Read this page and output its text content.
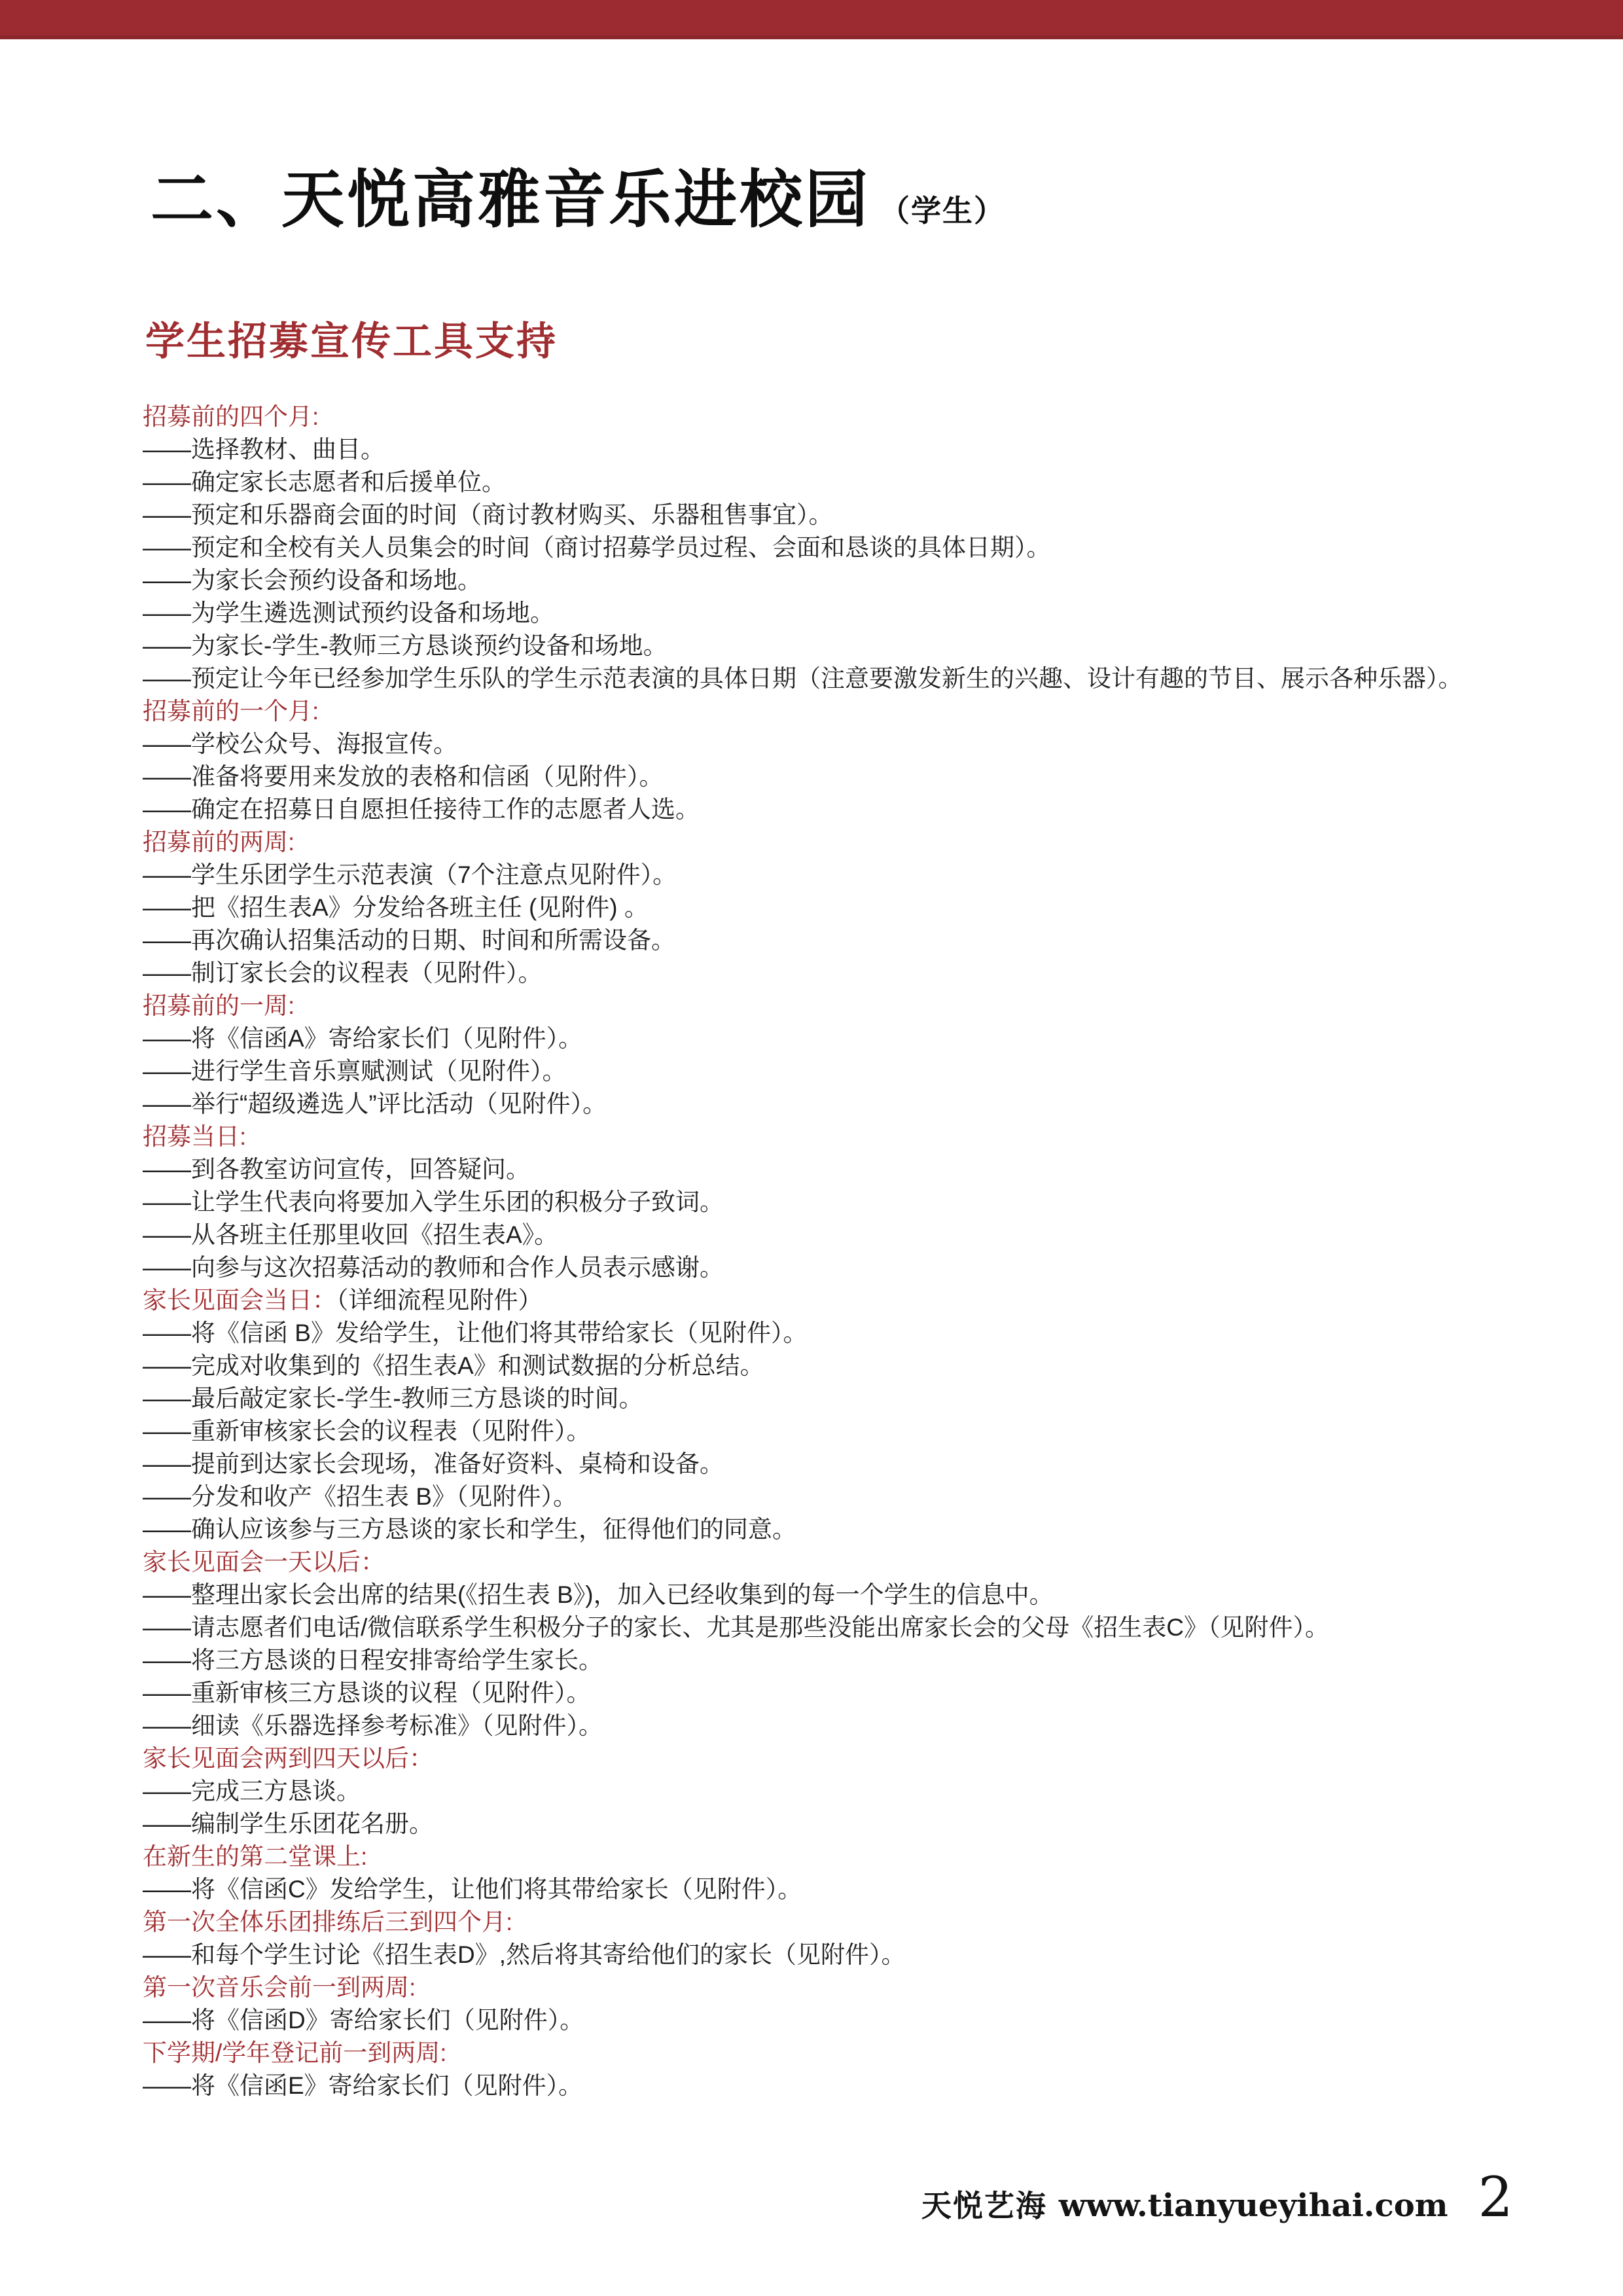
二、天悦高雅音乐进校园 （学生）
学生招募宣传工具支持
招募前的四个月:
——选择教材、曲目。
——确定家长志愿者和后援单位。
——预定和乐器商会面的时间（商讨教材购买、乐器租售事宜）。
——预定和全校有关人员集会的时间（商讨招募学员过程、会面和恳谈的具体日期）。
——为家长会预约设备和场地。
——为学生遴选测试预约设备和场地。
——为家长-学生-教师三方恳谈预约设备和场地。
——预定让今年已经参加学生乐队的学生示范表演的具体日期（注意要激发新生的兴趣、设计有趣的节目、展示各种乐器）。
招募前的一个月:
——学校公众号、海报宣传。
——准备将要用来发放的表格和信函（见附件）。
——确定在招募日自愿担任接待工作的志愿者人选。
招募前的两周:
——学生乐团学生示范表演（7个注意点见附件）。
——把《招生表A》分发给各班主任 (见附件) 。
——再次确认招集活动的日期、时间和所需设备。
——制订家长会的议程表（见附件）。
招募前的一周:
——将《信函A》寄给家长们（见附件）。
——进行学生音乐禀赋测试（见附件）。
——举行“超级遴选人”评比活动（见附件）。
招募当日:
——到各教室访问宣传，回答疑问。
——让学生代表向将要加入学生乐团的积极分子致词。
——从各班主任那里收回《招生表A》。
——向参与这次招募活动的教师和合作人员表示感谢。
家长见面会当日：（详细流程见附件）
——将《信函 B》发给学生，让他们将其带给家长（见附件）。
——完成对收集到的《招生表A》和测试数据的分析总结。
——最后敲定家长-学生-教师三方恳谈的时间。
——重新审核家长会的议程表（见附件）。
——提前到达家长会现场，准备好资料、桌椅和设备。
——分发和收产《招生表 B》（见附件）。
——确认应该参与三方恳谈的家长和学生，征得他们的同意。
家长见面会一天以后：
——整理出家长会出席的结果(《招生表 B》)，加入已经收集到的每一个学生的信息中。
——请志愿者们电话/微信联系学生积极分子的家长、尤其是那些没能出席家长会的父母《招生表C》（见附件）。
——将三方恳谈的日程安排寄给学生家长。
——重新审核三方恳谈的议程（见附件）。
——细读《乐器选择参考标准》（见附件）。
家长见面会两到四天以后：
——完成三方恳谈。
——编制学生乐团花名册。
在新生的第二堂课上:
——将《信函C》发给学生，让他们将其带给家长（见附件）。
第一次全体乐团排练后三到四个月:
——和每个学生讨论《招生表D》,然后将其寄给他们的家长（见附件）。
第一次音乐会前一到两周:
——将《信函D》寄给家长们（见附件）。
下学期/学年登记前一到两周:
——将《信函E》寄给家长们（见附件）。
天悦艺海 www.tianyueyihai.com 2
